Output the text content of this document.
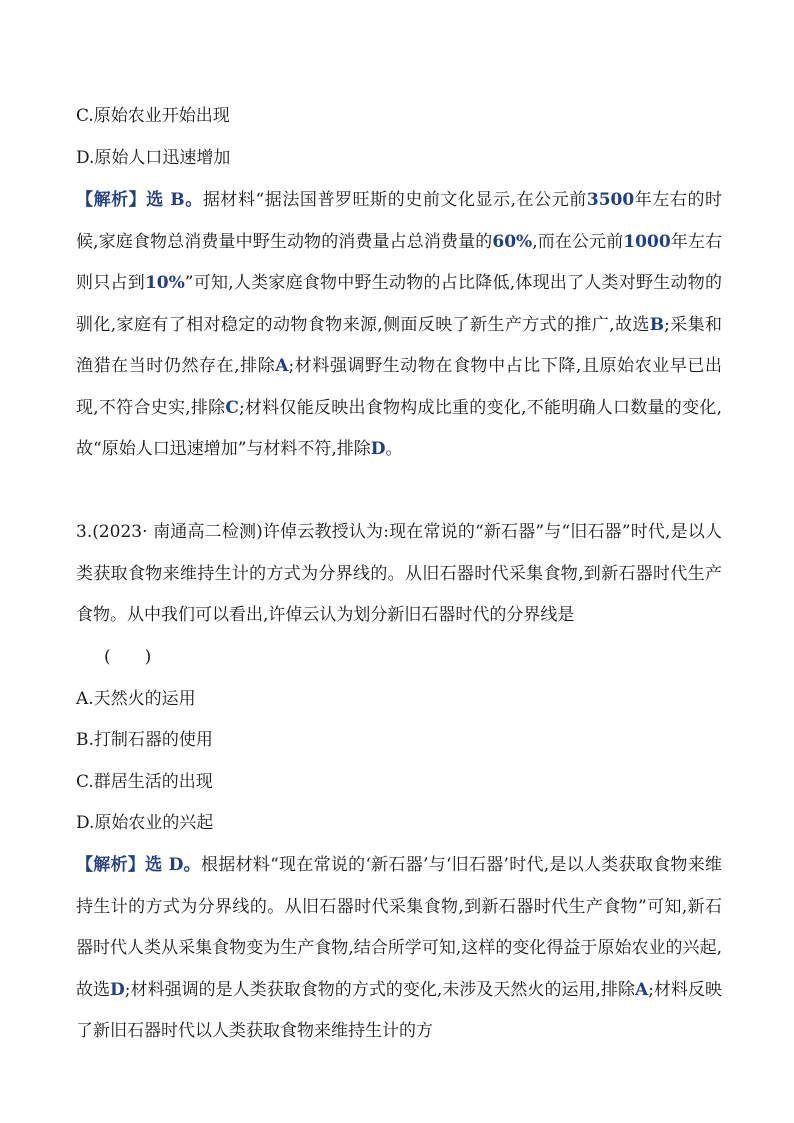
C.原始农业开始出现

D.原始人口迅速增加

【解析】选 B。据材料“据法国普罗旺斯的史前文化显示,在公元前3500年左右的时候,家庭食物总消费量中野生动物的消费量占总消费量的60%,而在公元前1000年左右则只占到10%”可知,人类家庭食物中野生动物的占比降低,体现出了人类对野生动物的驯化,家庭有了相对稳定的动物食物来源,侧面反映了新生产方式的推广,故选B;采集和渔猎在当时仍然存在,排除A;材料强调野生动物在食物中占比下降,且原始农业早已出现,不符合史实,排除C;材料仅能反映出食物构成比重的变化,不能明确人口数量的变化,故“原始人口迅速增加”与材料不符,排除D。

3.(2023· 南通高二检测)许倬云教授认为:现在常说的“新石器”与“旧石器”时代,是以人类获取食物来维持生计的方式为分界线的。从旧石器时代采集食物,到新石器时代生产食物。从中我们可以看出,许倬云认为划分新旧石器时代的分界线是
(　　)

A.天然火的运用

B.打制石器的使用

C.群居生活的出现

D.原始农业的兴起

【解析】选 D。根据材料“现在常说的‘新石器’与‘旧石器’时代,是以人类获取食物来维持生计的方式为分界线的。从旧石器时代采集食物,到新石器时代生产食物”可知,新石器时代人类从采集食物变为生产食物,结合所学可知,这样的变化得益于原始农业的兴起,故选D;材料强调的是人类获取食物的方式的变化,未涉及天然火的运用,排除A;材料反映了新旧石器时代以人类获取食物来维持生计的方
